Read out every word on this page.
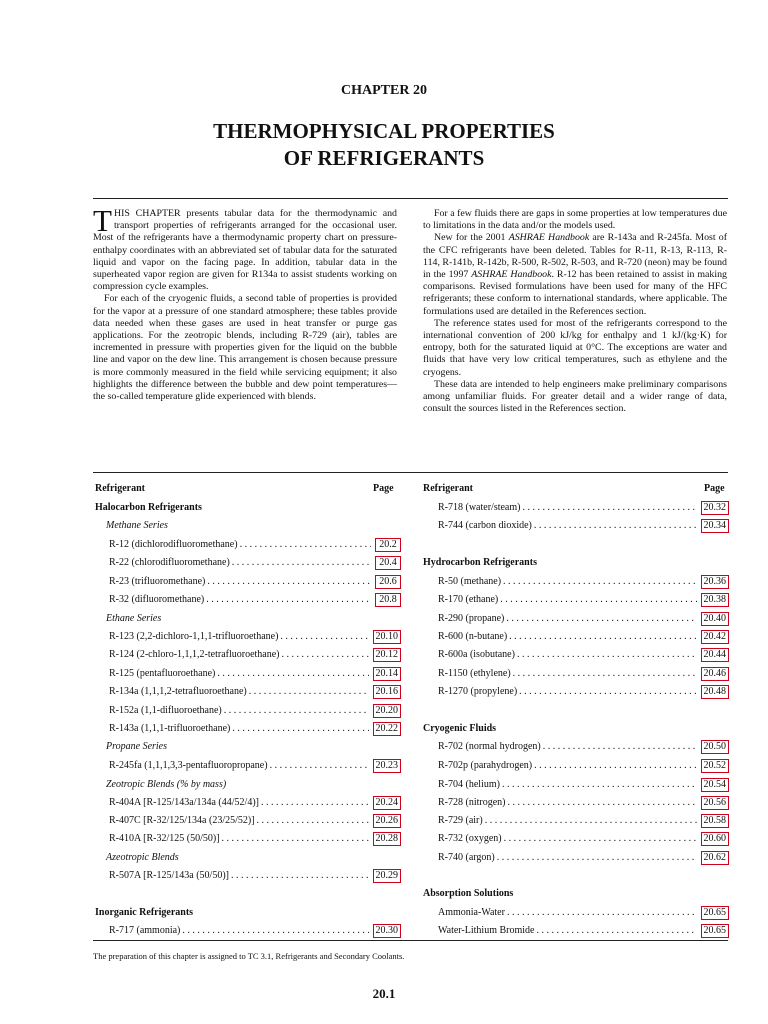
CHAPTER 20
THERMOPHYSICAL PROPERTIES
OF REFRIGERANTS

THIS CHAPTER presents tabular data for the thermodynamic and transport properties of refrigerants arranged for the occasional user. Most of the refrigerants have a thermodynamic property chart on pressure-enthalpy coordinates with an abbreviated set of tabular data for the saturated liquid and vapor on the facing page. In addition, tabular data in the superheated vapor region are given for R134a to assist students working on compression cycle examples.

For each of the cryogenic fluids, a second table of properties is provided for the vapor at a pressure of one standard atmosphere; these tables provide data needed when these gases are used in heat transfer or purge gas applications. For the zeotropic blends, including R-729 (air), tables are incremented in pressure with properties given for the liquid on the bubble line and vapor on the dew line. This arrangement is chosen because pressure is more commonly measured in the field while servicing equipment; it also highlights the difference between the bubble and dew point temperatures—the so-called temperature glide experienced with blends.

For a few fluids there are gaps in some properties at low temperatures due to limitations in the data and/or the models used.

New for the 2001 ASHRAE Handbook are R-143a and R-245fa. Most of the CFC refrigerants have been deleted. Tables for R-11, R-13, R-113, R-114, R-141b, R-142b, R-500, R-502, R-503, and R-720 (neon) may be found in the 1997 ASHRAE Handbook. R-12 has been retained to assist in making comparisons. Revised formulations have been used for many of the HFC refrigerants; these conform to international standards, where applicable. The formulations used are detailed in the References section.

The reference states used for most of the refrigerants correspond to the international convention of 200 kJ/kg for enthalpy and 1 kJ/(kg·K) for entropy, both for the saturated liquid at 0°C. The exceptions are water and fluids that have very low critical temperatures, such as ethylene and the cryogens.

These data are intended to help engineers make preliminary comparisons among unfamiliar fluids. For greater detail and a wider range of data, consult the sources listed in the References section.

Refrigerant	Page	Refrigerant	Page
Halocarbon Refrigerants
Methane Series
R-12 (dichlorodifluoromethane) .....	20.2
R-22 (chlorodifluoromethane) .....	20.4
R-23 (trifluoromethane) .....	20.6
R-32 (difluoromethane) .....	20.8
Ethane Series
R-123 (2,2-dichloro-1,1,1-trifluoroethane) .....	20.10
R-124 (2-chloro-1,1,1,2-tetrafluoroethane) .....	20.12
R-125 (pentafluoroethane) .....	20.14
R-134a (1,1,1,2-tetrafluoroethane) .....	20.16
R-152a (1,1-difluoroethane) .....	20.20
R-143a (1,1,1-trifluoroethane) .....	20.22
Propane Series
R-245fa (1,1,1,3,3-pentafluoropropane) .....	20.23
Zeotropic Blends (% by mass)
R-404A [R-125/143a/134a (44/52/4)] .....	20.24
R-407C [R-32/125/134a (23/25/52)] .....	20.26
R-410A [R-32/125 (50/50)] .....	20.28
Azeotropic Blends
R-507A [R-125/143a (50/50)] .....	20.29
Inorganic Refrigerants
R-717 (ammonia) .....	20.30
R-718 (water/steam) .....	20.32
R-744 (carbon dioxide) .....	20.34
Hydrocarbon Refrigerants
R-50 (methane) .....	20.36
R-170 (ethane) .....	20.38
R-290 (propane) .....	20.40
R-600 (n-butane) .....	20.42
R-600a (isobutane) .....	20.44
R-1150 (ethylene) .....	20.46
R-1270 (propylene) .....	20.48
Cryogenic Fluids
R-702 (normal hydrogen) .....	20.50
R-702p (parahydrogen) .....	20.52
R-704 (helium) .....	20.54
R-728 (nitrogen) .....	20.56
R-729 (air) .....	20.58
R-732 (oxygen) .....	20.60
R-740 (argon) .....	20.62
Absorption Solutions
Ammonia-Water .....	20.65
Water-Lithium Bromide .....	20.65
The preparation of this chapter is assigned to TC 3.1, Refrigerants and Secondary Coolants.
20.1
